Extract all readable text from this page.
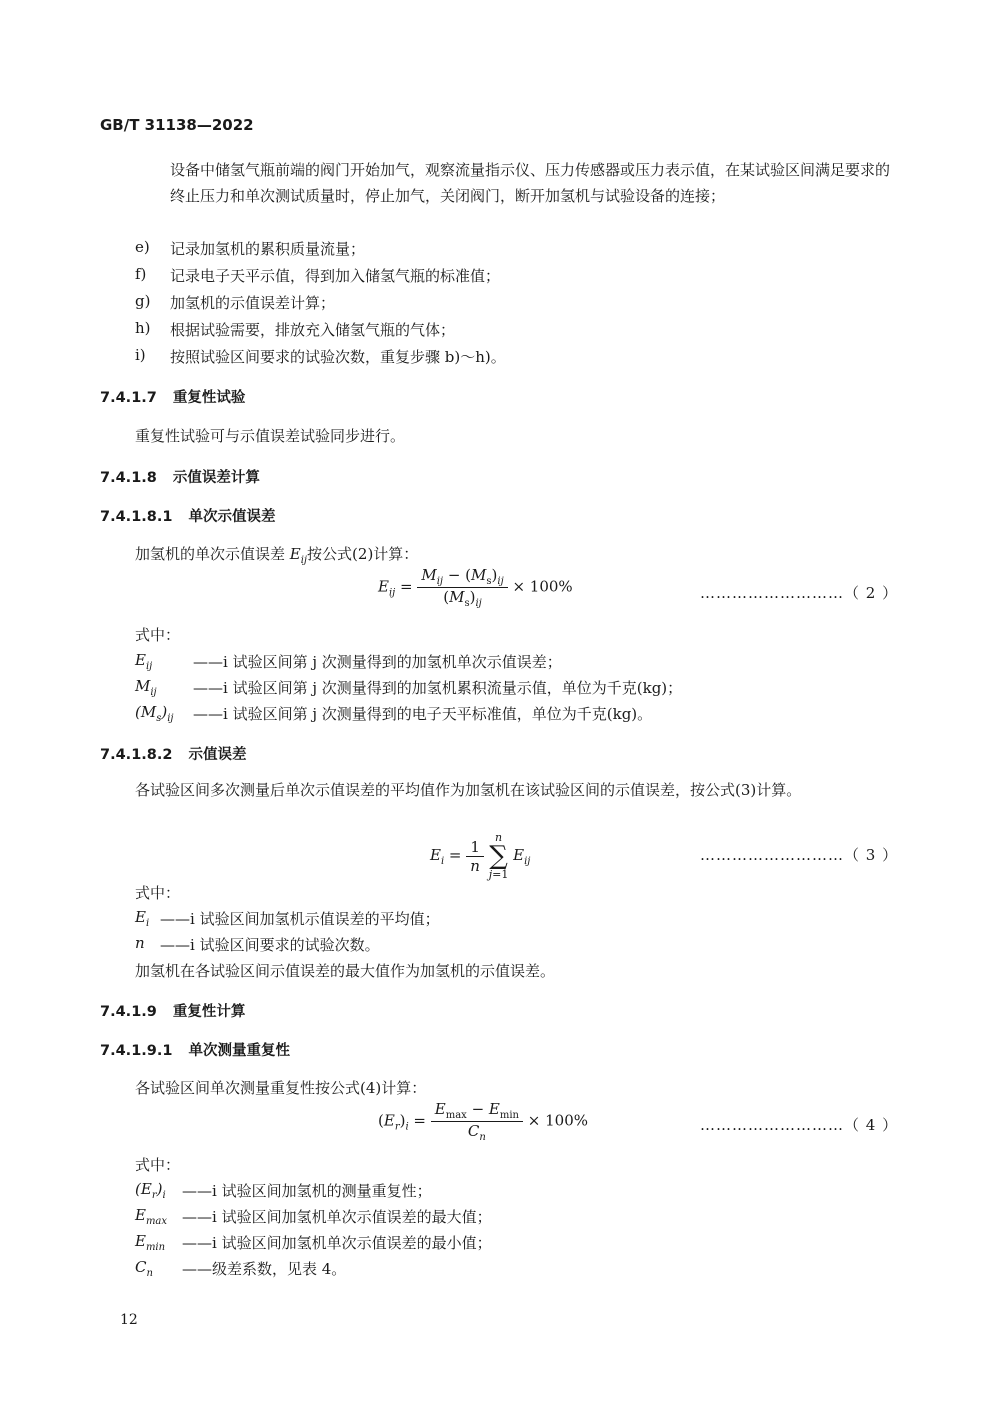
GB/T 31138—2022
设备中储氢气瓶前端的阀门开始加气，观察流量指示仪、压力传感器或压力表示值，在某试验区间满足要求的终止压力和单次测试质量时，停止加气，关闭阀门，断开加氢机与试验设备的连接；
e) 记录加氢机的累积质量流量；
f) 记录电子天平示值，得到加入储氢气瓶的标准值；
g) 加氢机的示值误差计算；
h) 根据试验需要，排放充入储氢气瓶的气体；
i) 按照试验区间要求的试验次数，重复步骤 b)～h)。
7.4.1.7 重复性试验
重复性试验可与示值误差试验同步进行。
7.4.1.8 示值误差计算
7.4.1.8.1 单次示值误差
加氢机的单次示值误差 $E_{ij}$按公式(2)计算：
$E_{ij} = \frac{M_{ij} - (M_s)_{ij}}{(M_s)_{ij}} \times 100\%$	………………………（ 2 ）
式中：
$E_{ij}$	——i 试验区间第 j 次测量得到的加氢机单次示值误差；
$M_{ij}$ ——i 试验区间第 j 次测量得到的加氢机累积流量示值，单位为千克(kg)；
$(M_s)_{ij}$ ——i 试验区间第 j 次测量得到的电子天平标准值，单位为千克(kg)。
7.4.1.8.2 示值误差
各试验区间多次测量后单次示值误差的平均值作为加氢机在该试验区间的示值误差，按公式(3)计算。
$E_i = \frac{1}{n}$ n
∑
j=1 $E_{ij}$	………………………（ 3 ）
式中：
$E_i$ ——i 试验区间加氢机示值误差的平均值；
n ——i 试验区间要求的试验次数。
加氢机在各试验区间示值误差的最大值作为加氢机的示值误差。
7.4.1.9 重复性计算
7.4.1.9.1 单次测量重复性
各试验区间单次测量重复性按公式(4)计算：
$(E_r)_i = \frac{E_{max} - E_{min}}{C_n} \times 100\%$	………………………（ 4 ）
式中：
$(E_r)_i$ ——i 试验区间加氢机的测量重复性；
$E_{max}$ ——i 试验区间加氢机单次示值误差的最大值；
$E_{min}$ ——i 试验区间加氢机单次示值误差的最小值；
$C_n$ ——级差系数，见表 4。
12
